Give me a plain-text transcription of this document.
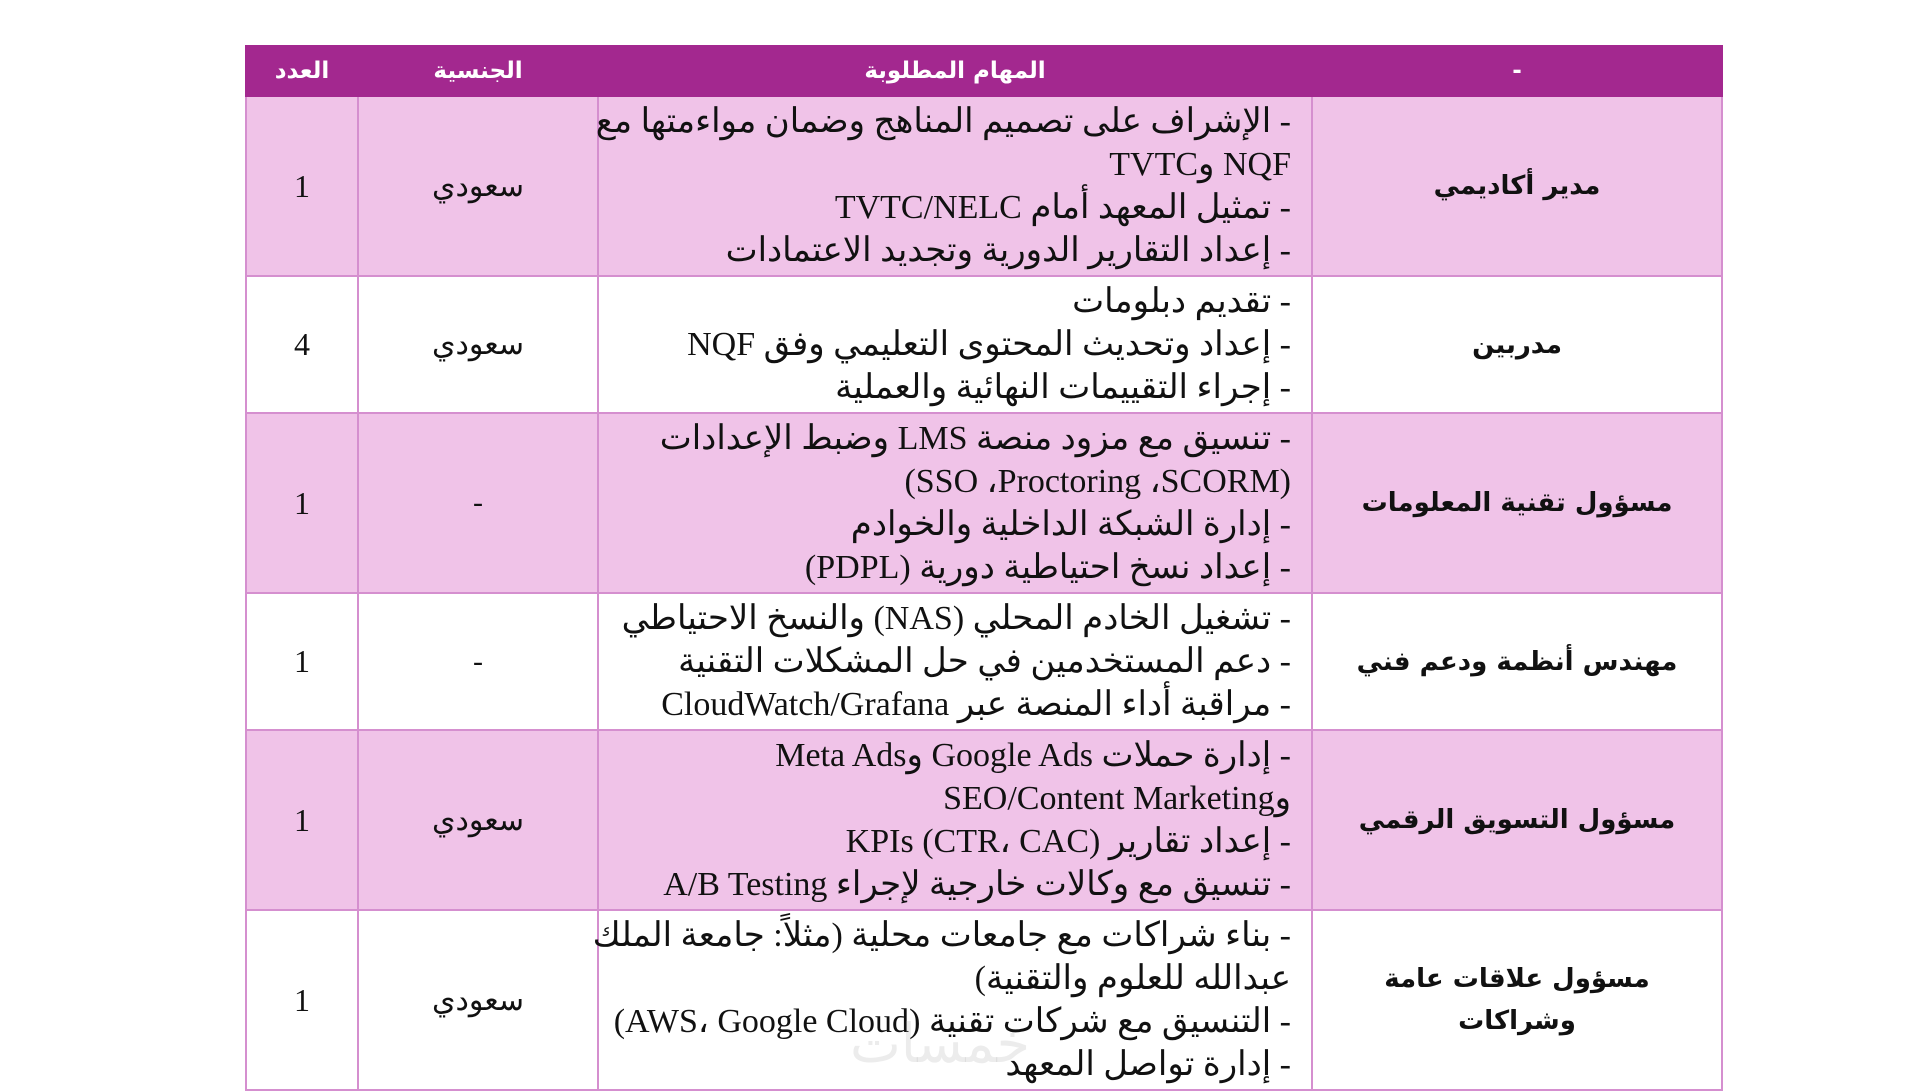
-	المهام المطلوبة	الجنسية	العدد
مدير أكاديمي	- الإشراف على تصميم المناهج وضمان مواءمتها مع
NQF وTVTC
- تمثيل المعهد أمام TVTC/NELC
- إعداد التقارير الدورية وتجديد الاعتمادات	سعودي	1
مدربين	- تقديم دبلومات
- إعداد وتحديث المحتوى التعليمي وفق NQF
- إجراء التقييمات النهائية والعملية	سعودي	4
مسؤول تقنية المعلومات	- تنسيق مع مزود منصة LMS وضبط الإعدادات
(SSO ،Proctoring ،SCORM)
- إدارة الشبكة الداخلية والخوادم
- إعداد نسخ احتياطية دورية (PDPL)	-	1
مهندس أنظمة ودعم فني	- تشغيل الخادم المحلي (NAS) والنسخ الاحتياطي
- دعم المستخدمين في حل المشكلات التقنية
- مراقبة أداء المنصة عبر CloudWatch/Grafana	-	1
مسؤول التسويق الرقمي	- إدارة حملات Google Ads وMeta Ads
وSEO/Content Marketing
- إعداد تقارير KPIs (CTR، CAC)
- تنسيق مع وكالات خارجية لإجراء A/B Testing	سعودي	1
مسؤول علاقات عامة وشراكات	- بناء شراكات مع جامعات محلية (مثلاً: جامعة الملك
عبدالله للعلوم والتقنية)
- التنسيق مع شركات تقنية (AWS، Google Cloud)
- إدارة تواصل المعهد	سعودي	1
خمسات
